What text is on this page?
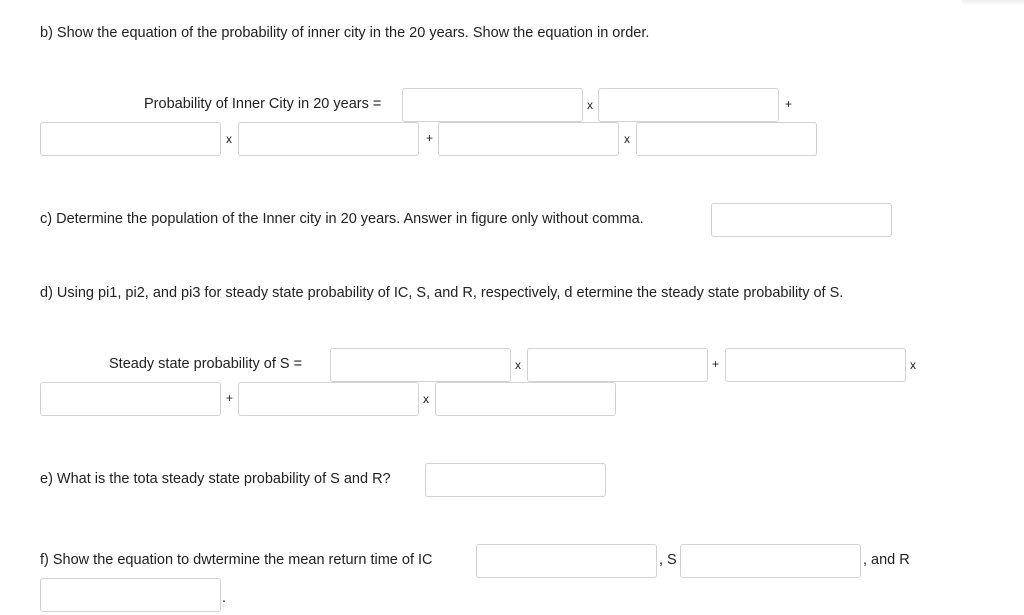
b) Show the equation of the probability of inner city in the 20 years. Show the equation in order.
Probability of Inner City in 20 years =	x	+
x	+	x
c) Determine the population of the Inner city in 20 years. Answer in figure only without comma.
d) Using pi1, pi2, and pi3 for steady state probability of IC, S, and R, respectively, d etermine the steady state probability of S.
Steady state probability of S =	x	+	x
+	x
e) What is the tota steady state probability of S and R?
f) Show the equation to dwtermine the mean return time of IC	, S	, and R
.
